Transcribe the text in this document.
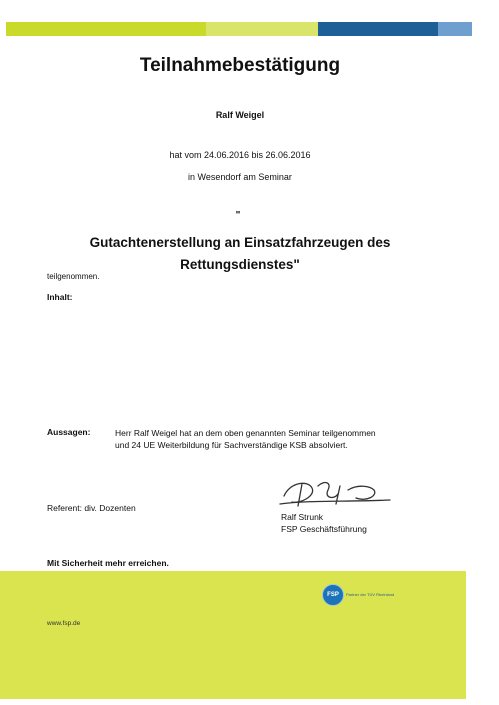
Teilnahmebestätigung
Ralf Weigel
hat vom 24.06.2016 bis 26.06.2016
in Wesendorf am Seminar
"
Gutachtenerstellung an Einsatzfahrzeugen des
Rettungsdienstes"
teilgenommen.
Inhalt:
Aussagen:	Herr Ralf Weigel hat an dem oben genannten Seminar teilgenommen
und 24 UE Weiterbildung für Sachverständige KSB absolviert.
Referent: div. Dozenten
Ralf Strunk
FSP Geschäftsführung
Mit Sicherheit mehr erreichen.
www.fsp.de
FSP	Partner der TÜV Rheinland
